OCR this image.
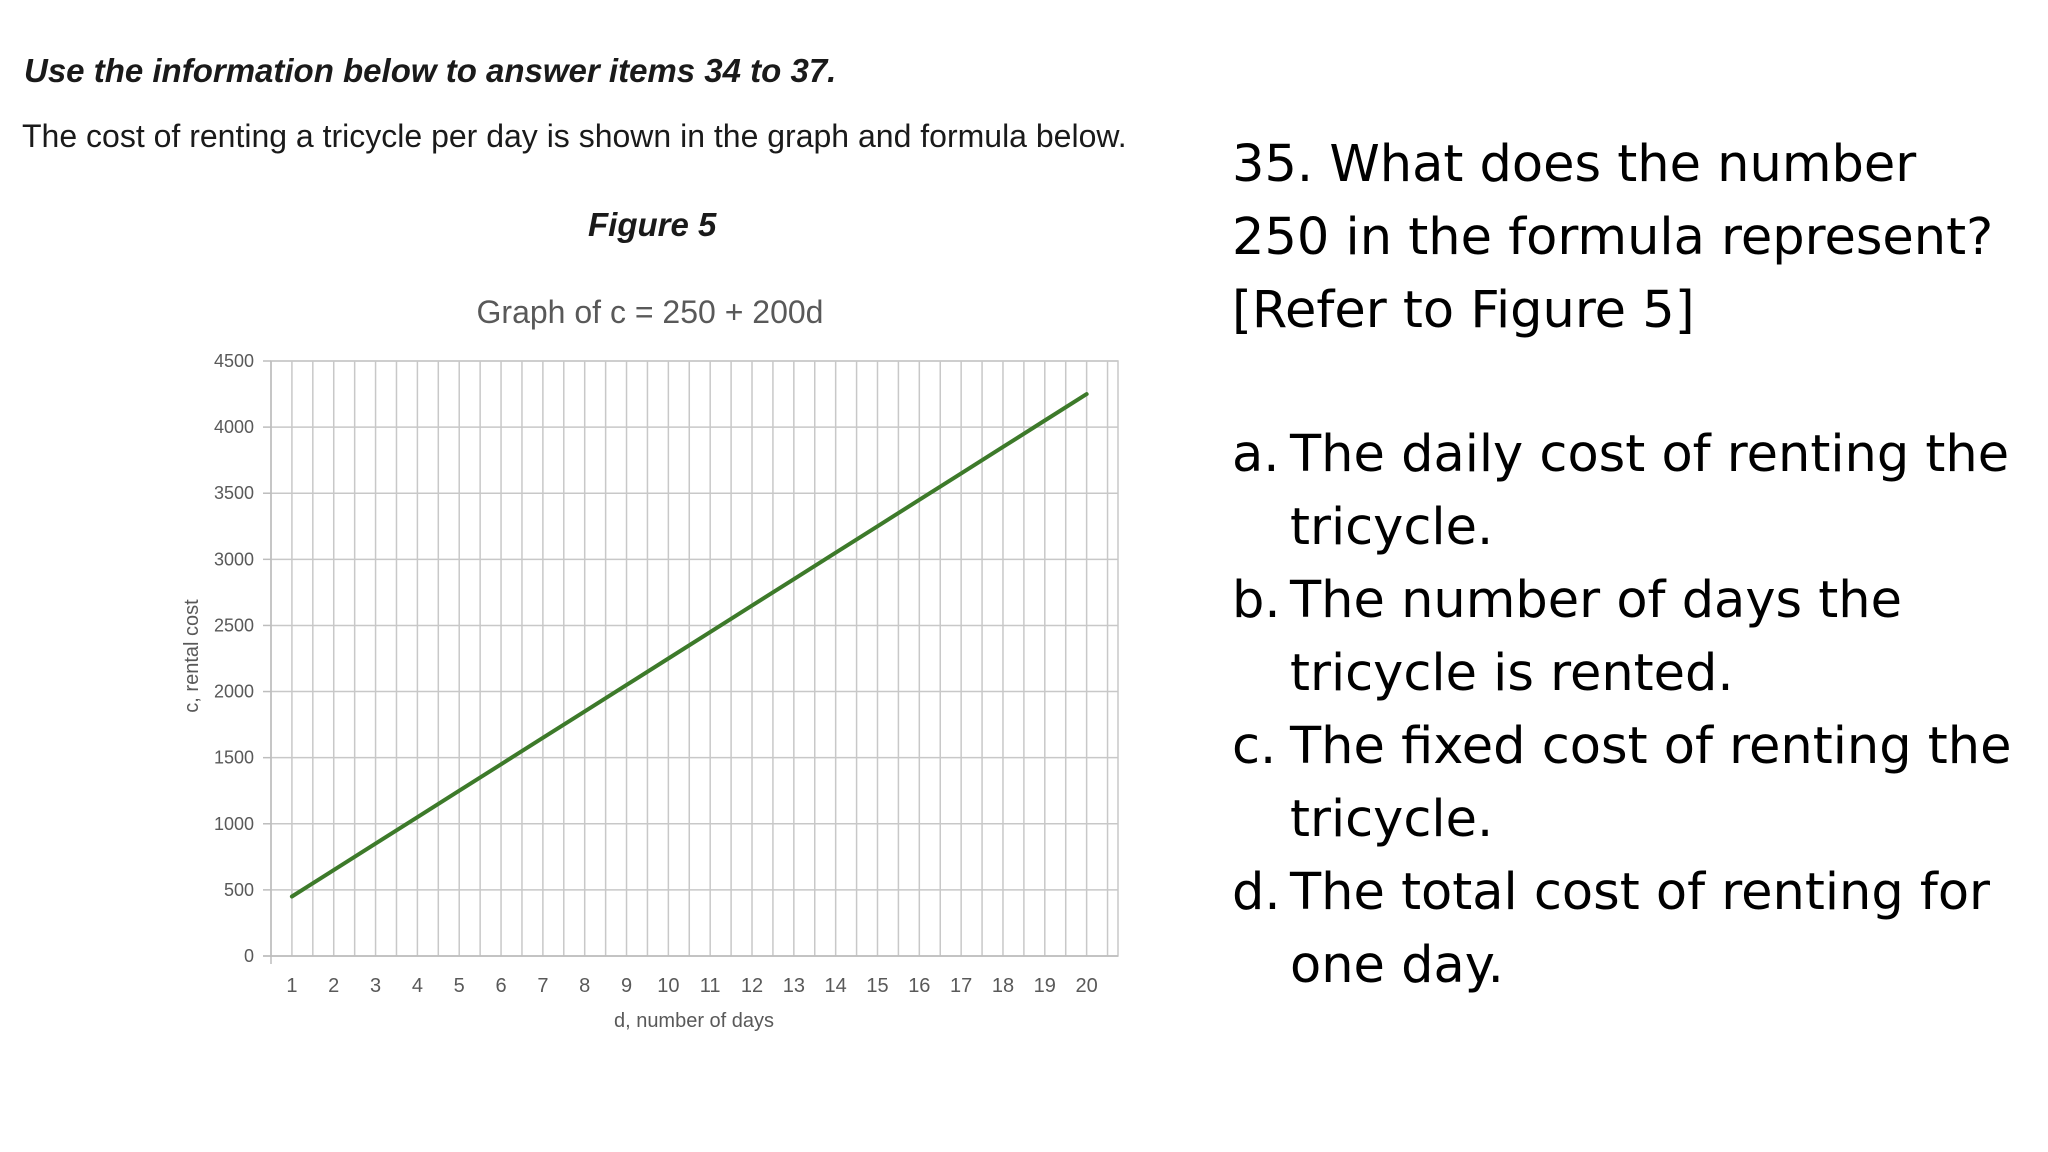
Use the information below to answer items 34 to 37.
The cost of renting a tricycle per day is shown in the graph and formula below.
Figure 5
Graph of c = 250 + 200d
0
500
1000
1500
2000
2500
3000
3500
4000
4500
1 2 3 4 5 6 7 8 9 10 11 12 13 14 15 16 17 18 19 20
d, number of days
c, rental cost
35. What does the number 250 in the formula represent? [Refer to Figure 5]
a. The daily cost of renting the tricycle.
b. The number of days the tricycle is rented.
c. The fixed cost of renting the tricycle.
d. The total cost of renting for one day.
